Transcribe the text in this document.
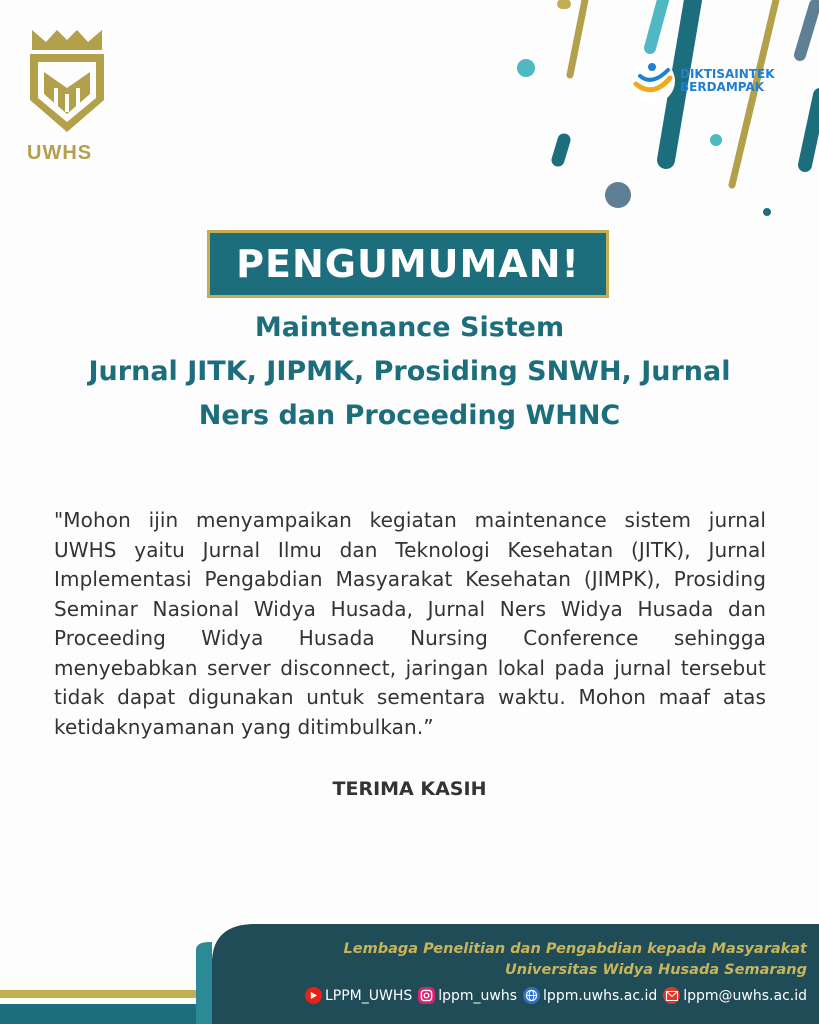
UWHS
DIKTISAINTEK
BERDAMPAK
PENGUMUMAN!
Maintenance Sistem
Jurnal JITK, JIPMK, Prosiding SNWH, Jurnal
Ners dan Proceeding WHNC
"Mohon ijin menyampaikan kegiatan maintenance sistem jurnal UWHS yaitu Jurnal Ilmu dan Teknologi Kesehatan (JITK), Jurnal Implementasi Pengabdian Masyarakat Kesehatan (JIMPK), Prosiding Seminar Nasional Widya Husada, Jurnal Ners Widya Husada dan Proceeding Widya Husada Nursing Conference sehingga menyebabkan server disconnect, jaringan lokal pada jurnal tersebut tidak dapat digunakan untuk sementara waktu. Mohon maaf atas ketidaknyamanan yang ditimbulkan.”
TERIMA KASIH
Lembaga Penelitian dan Pengabdian kepada Masyarakat
Universitas Widya Husada Semarang
LPPM_UWHS lppm_uwhs lppm.uwhs.ac.id lppm@uwhs.ac.id
